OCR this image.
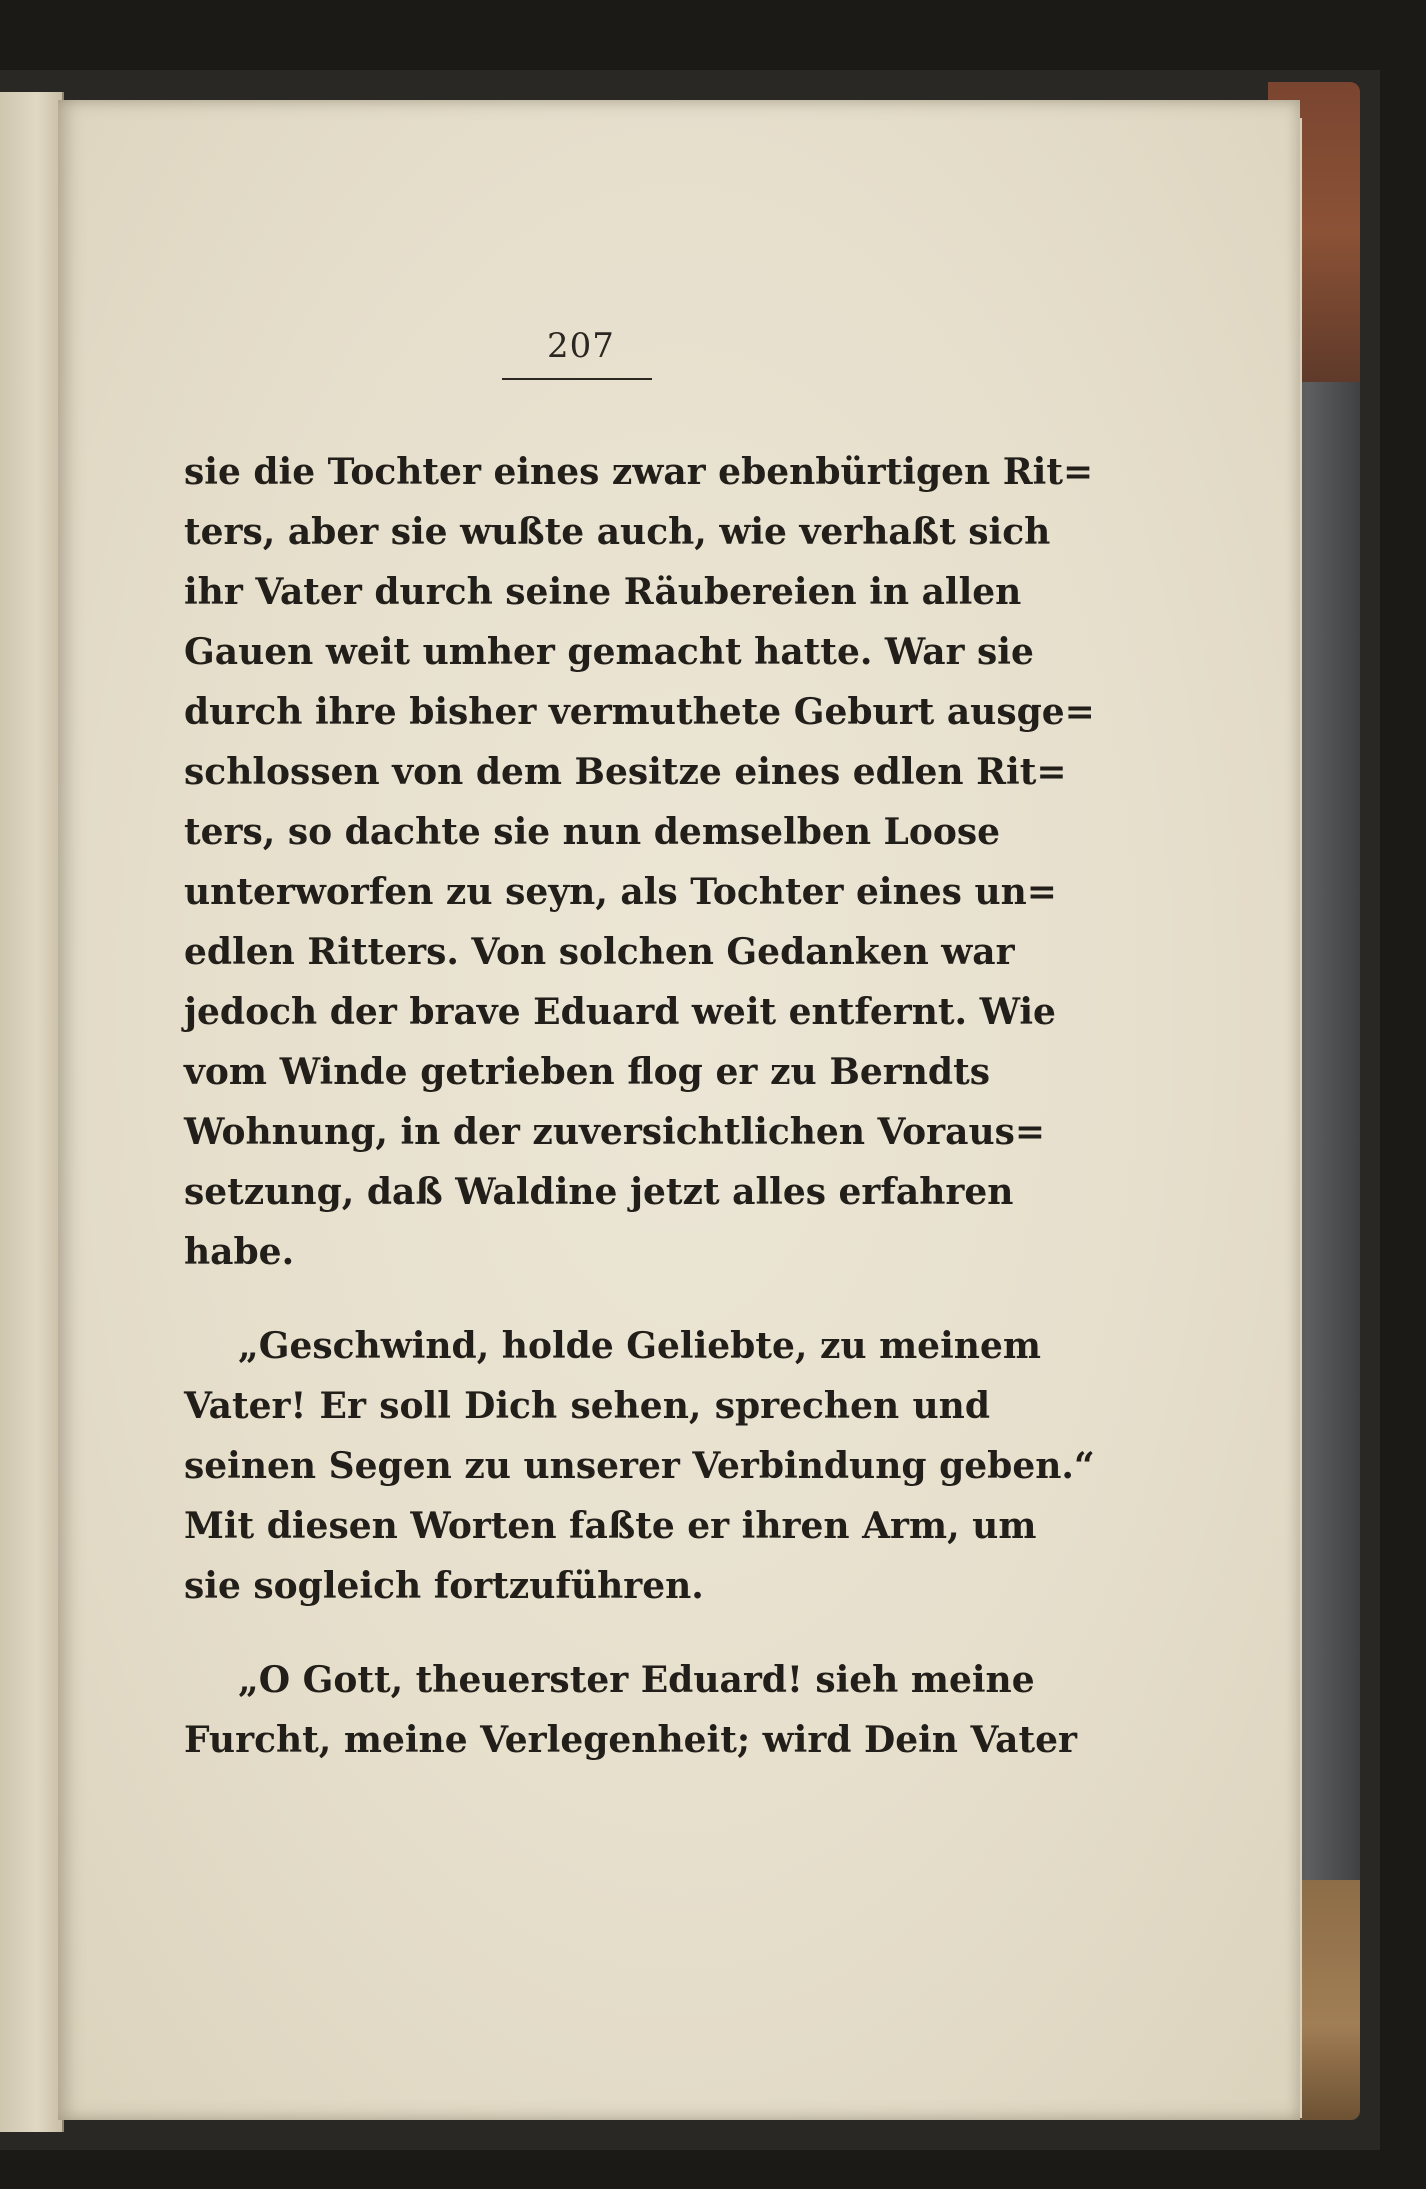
207
sie die Tochter eines zwar ebenbürtigen Rit=
ters, aber sie wußte auch, wie verhaßt sich
ihr Vater durch seine Räubereien in allen
Gauen weit umher gemacht hatte. War sie
durch ihre bisher vermuthete Geburt ausge=
schlossen von dem Besitze eines edlen Rit=
ters, so dachte sie nun demselben Loose
unterworfen zu seyn, als Tochter eines un=
edlen Ritters. Von solchen Gedanken war
jedoch der brave Eduard weit entfernt. Wie
vom Winde getrieben flog er zu Berndts
Wohnung, in der zuversichtlichen Voraus=
setzung, daß Waldine jetzt alles erfahren
habe.
„Geschwind, holde Geliebte, zu meinem
Vater! Er soll Dich sehen, sprechen und
seinen Segen zu unserer Verbindung geben.“
Mit diesen Worten faßte er ihren Arm, um
sie sogleich fortzuführen.
„O Gott, theuerster Eduard! sieh meine
Furcht, meine Verlegenheit; wird Dein Vater
